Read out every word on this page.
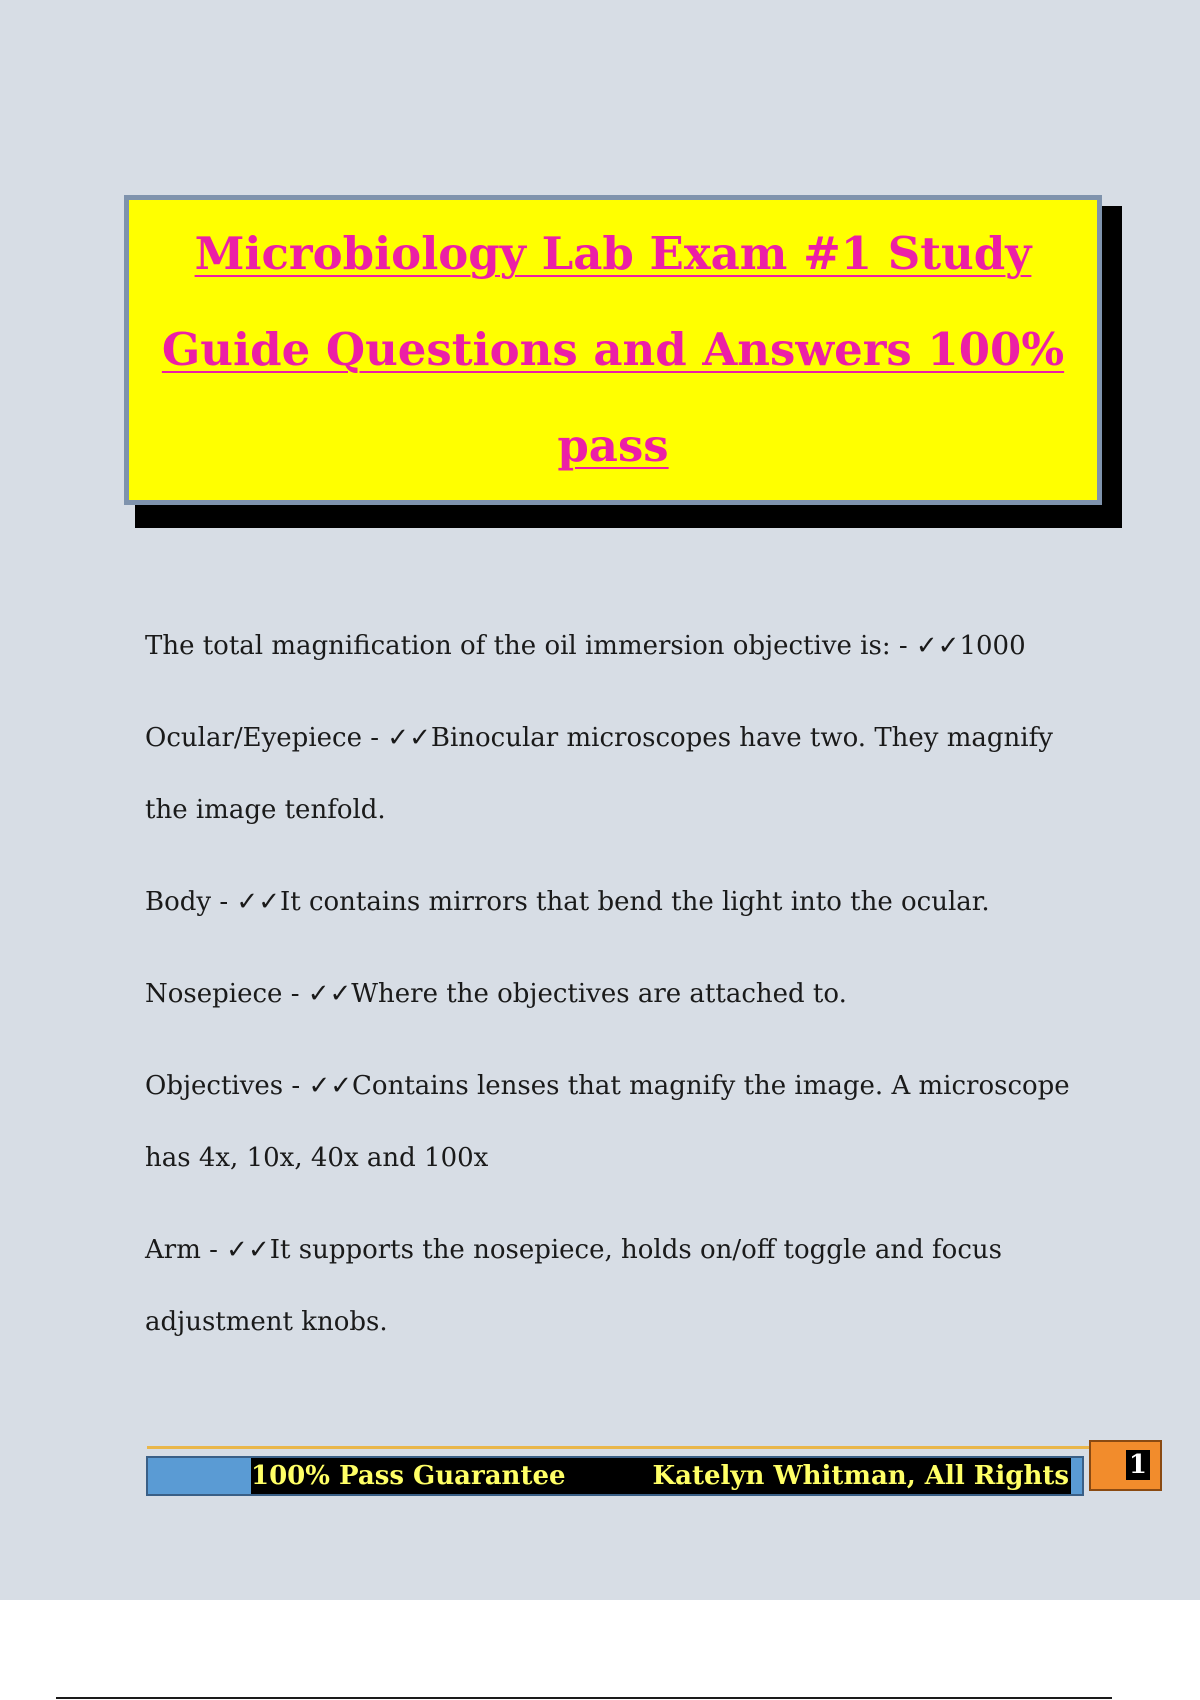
Microbiology Lab Exam #1 Study Guide Questions and Answers 100% pass

The total magnification of the oil immersion objective is: - ✓✓1000

Ocular/Eyepiece - ✓✓Binocular microscopes have two. They magnify the image tenfold.

Body - ✓✓It contains mirrors that bend the light into the ocular.

Nosepiece - ✓✓Where the objectives are attached to.

Objectives - ✓✓Contains lenses that magnify the image. A microscope has 4x, 10x, 40x and 100x

Arm - ✓✓It supports the nosepiece, holds on/off toggle and focus adjustment knobs.

100% Pass Guarantee	Katelyn Whitman, All Rights 1
